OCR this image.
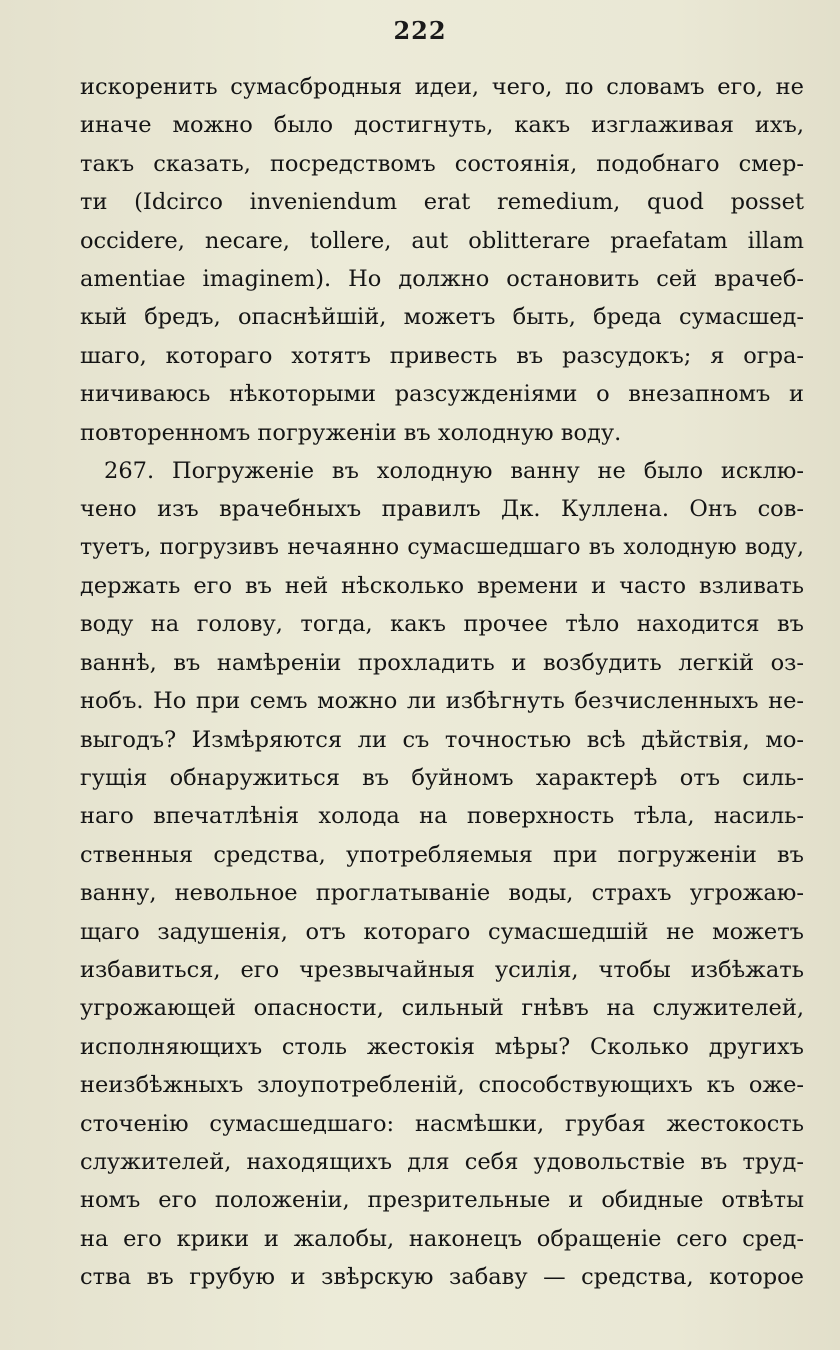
222
искоренить сумасбродныя идеи, чего, по словамъ его, не
иначе можно было достигнуть, какъ изглаживая ихъ,
такъ сказать, посредствомъ состоянія, подобнаго смер-
ти (Idcirco inveniendum erat remedium, quod posset
occidere, necare, tollere, aut oblitterare praefatam illam
amentiae imaginem). Но должно остановить сей врачеб-
кый бредъ, опаснѣйшій, можетъ быть, бреда сумасшед-
шаго, котораго хотятъ привесть въ разсудокъ; я огра-
ничиваюсь нѣкоторыми разсужденіями о внезапномъ и
повторенномъ погруженіи въ холодную воду.
267. Погруженіе въ холодную ванну не было исклю-
чено изъ врачебныхъ правилъ Дк. Куллена. Онъ сов-
туетъ, погрузивъ нечаянно сумасшедшаго въ холодную воду,
держать его въ ней нѣсколько времени и часто взливать
воду на голову, тогда, какъ прочее тѣло находится въ
ваннѣ, въ намѣреніи прохладить и возбудить легкій оз-
нобъ. Но при семъ можно ли избѣгнуть безчисленныхъ не-
выгодъ? Измѣряются ли съ точностью всѣ дѣйствія, мо-
гущія обнаружиться въ буйномъ характерѣ отъ силь-
наго впечатлѣнія холода на поверхность тѣла, насиль-
ственныя средства, употребляемыя при погруженіи въ
ванну, невольное проглатываніе воды, страхъ угрожаю-
щаго задушенія, отъ котораго сумасшедшій не можетъ
избавиться, его чрезвычайныя усилія, чтобы избѣжать
угрожающей опасности, сильный гнѣвъ на служителей,
исполняющихъ столь жестокія мѣры? Сколько другихъ
неизбѣжныхъ злоупотребленій, способствующихъ къ оже-
сточенію сумасшедшаго: насмѣшки, грубая жестокость
служителей, находящихъ для себя удовольствіе въ труд-
номъ его положеніи, презрительные и обидные отвѣты
на его крики и жалобы, наконецъ обращеніе сего сред-
ства въ грубую и звѣрскую забаву — средства, которое
